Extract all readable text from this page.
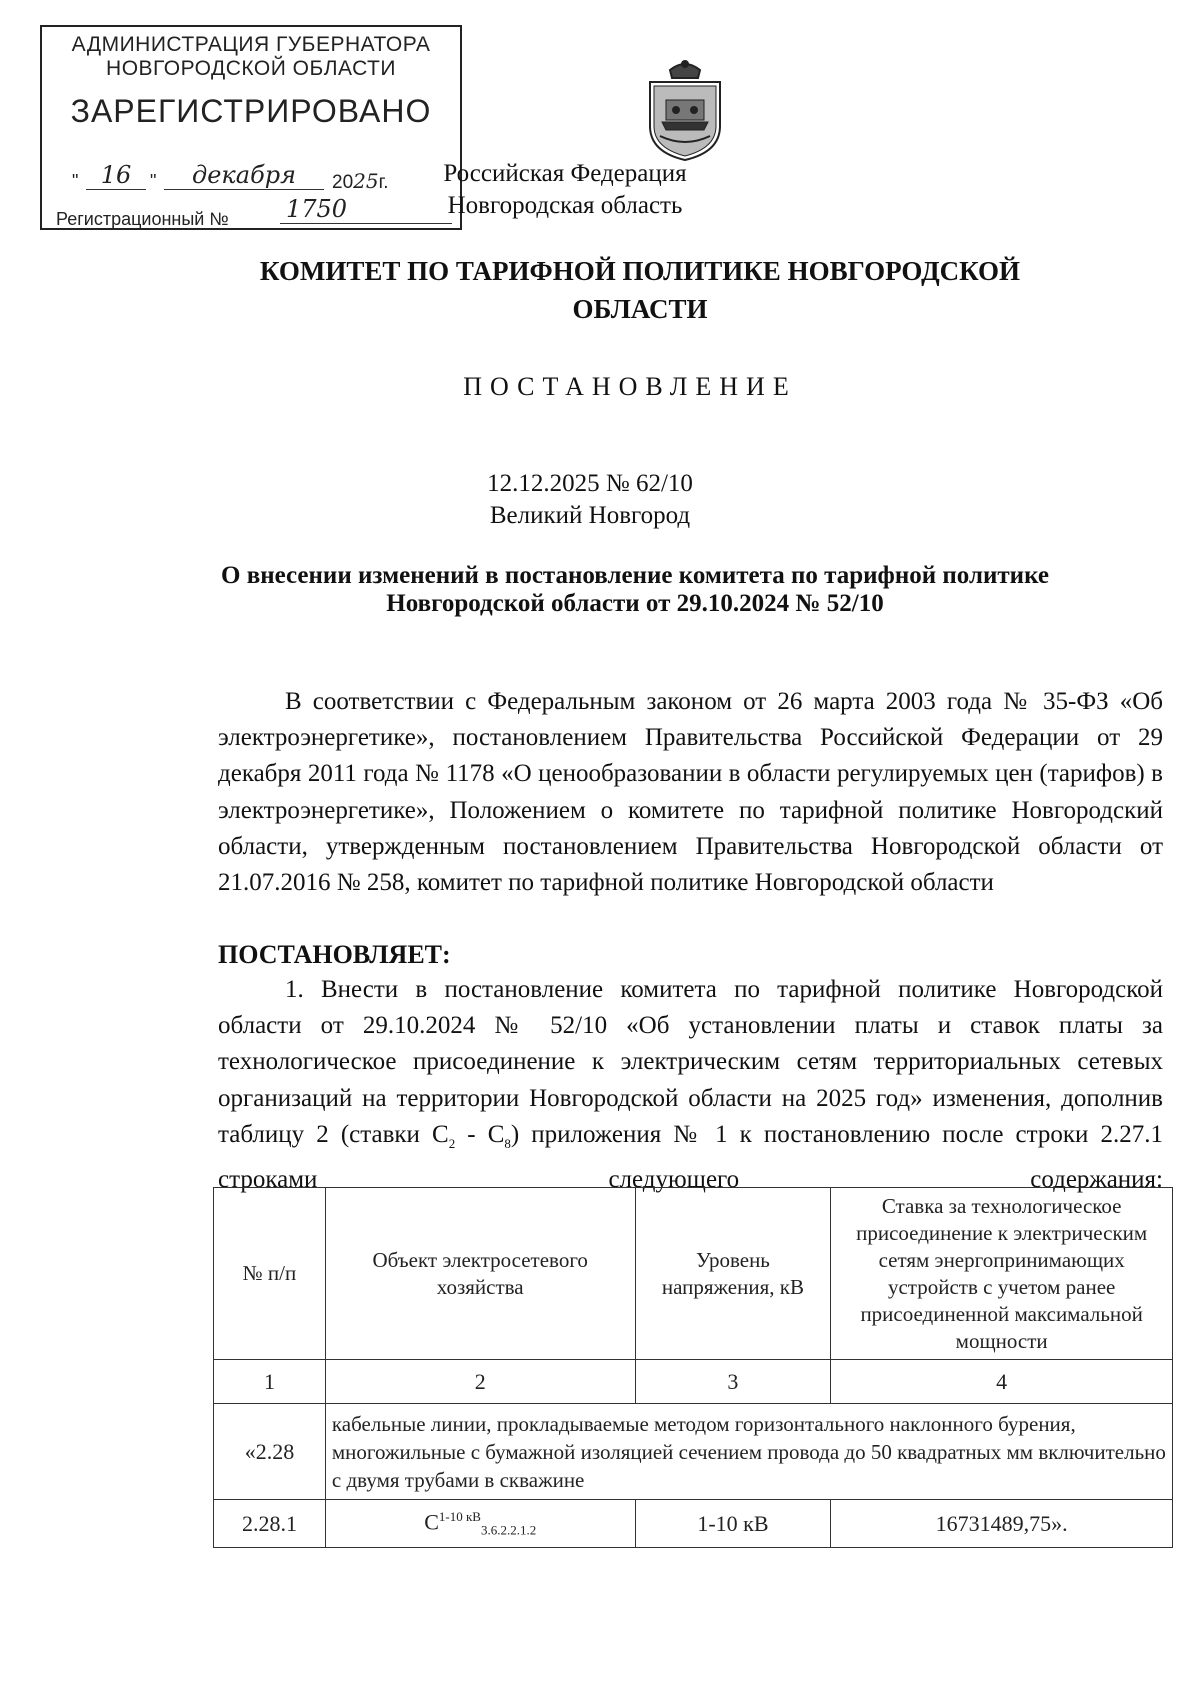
АДМИНИСТРАЦИЯ ГУБЕРНАТОРА
НОВГОРОДСКОЙ ОБЛАСТИ
ЗАРЕГИСТРИРОВАНО
" 16	"	декабря	2025г.
Регистрационный № 1750
Российская Федерация
Новгородская область
КОМИТЕТ ПО ТАРИФНОЙ ПОЛИТИКЕ НОВГОРОДСКОЙ
ОБЛАСТИ
ПОСТАНОВЛЕНИЕ
12.12.2025 № 62/10
Великий Новгород
О внесении изменений в постановление комитета по тарифной политике
Новгородской области от 29.10.2024 № 52/10
В соответствии с Федеральным законом от 26 марта 2003 года № 35-ФЗ «Об электроэнергетике», постановлением Правительства Российской Федерации от 29 декабря 2011 года № 1178 «О ценообразовании в области регулируемых цен (тарифов) в электроэнергетике», Положением о комитете по тарифной политике Новгородский области, утвержденным постановлением Правительства Новгородской области от 21.07.2016 № 258, комитет по тарифной политике Новгородской области
ПОСТАНОВЛЯЕТ:
1. Внести в постановление комитета по тарифной политике Новгородской области от 29.10.2024 № 52/10 «Об установлении платы и ставок платы за технологическое присоединение к электрическим сетям территориальных сетевых организаций на территории Новгородской области на 2025 год» изменения, дополнив таблицу 2 (ставки $С_2 - С_8$) приложения № 1 к постановлению после строки 2.27.1 строками следующего содержания:
№ п/п	Объект электросетевого хозяйства	Уровень напряжения, кВ	Ставка за технологическое присоединение к электрическим сетям энергопринимающих устройств с учетом ранее присоединенной максимальной мощности
1	2	3	4
«2.28	кабельные линии, прокладываемые методом горизонтального наклонного бурения, многожильные с бумажной изоляцией сечением провода до 50 квадратных мм включительно с двумя трубами в скважине		
2.28.1	$С^{1-10 кВ}_{3.6.2.2.1.2}$	1-10 кВ	16731489,75».
